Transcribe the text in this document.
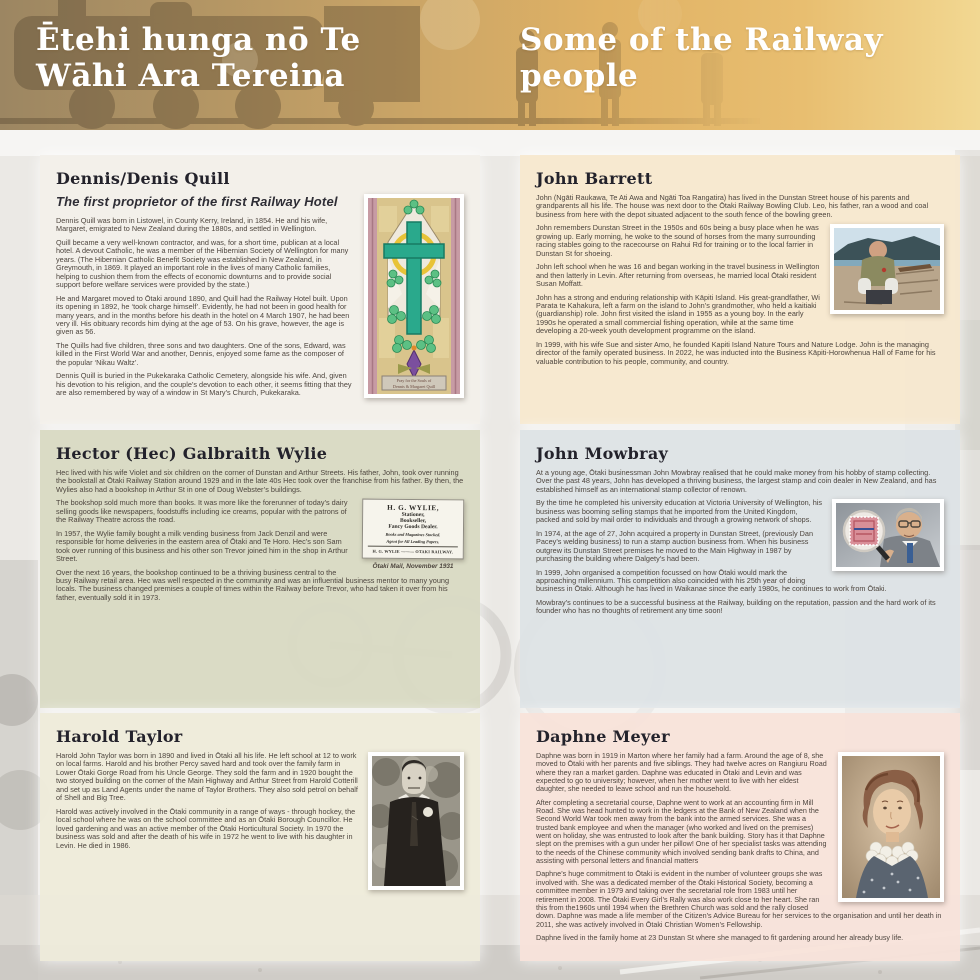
Ētehi hunga nō Te Wāhi Ara Tereina
Some of the Railway people
Dennis/Denis Quill
Pray for the Souls of
Dennis & Margaret Quill
The first proprietor of the first Railway Hotel

Dennis Quill was born in Listowel, in County Kerry, Ireland, in 1854. He and his wife, Margaret, emigrated to New Zealand during the 1880s, and settled in Wellington.

Quill became a very well-known contractor, and was, for a short time, publican at a local hotel. A devout Catholic, he was a member of the Hibernian Society of Wellington for many years. (The Hibernian Catholic Benefit Society was established in New Zealand, in Greymouth, in 1869. It played an important role in the lives of many Catholic families, helping to cushion them from the effects of economic downturns and to provide social support before welfare services were provided by the state.)

He and Margaret moved to Ōtaki around 1890, and Quill had the Railway Hotel built. Upon its opening in 1892, he ‘took charge himself’. Evidently, he had not been in good health for many years, and in the months before his death in the hotel on 4 March 1907, he had been very ill. His obituary records him dying at the age of 53. On his grave, however, the age is given as 56.

The Quills had five children, three sons and two daughters. One of the sons, Edward, was killed in the First World War and another, Dennis, enjoyed some fame as the composer of the popular ‘Nikau Waltz’.

Dennis Quill is buried in the Pukekaraka Catholic Cemetery, alongside his wife. And, given his devotion to his religion, and the couple’s devotion to each other, it seems fitting that they are also remembered by way of a window in St Mary’s Church, Pukekaraka.

John Barrett

John (Ngāti Raukawa, Te Ati Awa and Ngāti Toa Rangatira) has lived in the Dunstan Street house of his parents and grandparents all his life. The house was next door to the Ōtaki Railway Bowling Club. Leo, his father, ran a wood and coal business from here with the depot situated adjacent to the south fence of the bowling green.

John remembers Dunstan Street in the 1950s and 60s being a busy place when he was growing up. Early morning, he woke to the sound of horses from the many surrounding racing stables going to the racecourse on Rahui Rd for training or to the local farrier in Dunstan St for shoeing.

John left school when he was 16 and began working in the travel business in Wellington and then latterly in Levin. After returning from overseas, he married local Ōtaki resident Susan Moffatt.

John has a strong and enduring relationship with Kāpiti Island. His great-grandfather, Wi Parata te Kahakura, left a farm on the island to John’s grandmother, who held a kaitiaki (guardianship) role. John first visited the island in 1955 as a young boy. In the early 1990s he operated a small commercial fishing operation, while at the same time developing a 20-week youth development programme on the island.

In 1999, with his wife Sue and sister Amo, he founded Kapiti Island Nature Tours and Nature Lodge. John is the managing director of the family operated business. In 2022, he was inducted into the Business Kāpiti-Horowhenua Hall of Fame for his valuable contribution to his people, community, and country.

Hector (Hec) Galbraith Wylie

Hec lived with his wife Violet and six children on the corner of Dunstan and Arthur Streets. His father, John, took over running the bookstall at Ōtaki Railway Station around 1929 and in the late 40s Hec took over the franchise from his father. By then, the Wylies also had a bookshop in Arthur St in one of Doug Webster’s buildings.

H. G. WYLIE,
Stationer,
Bookseller,
Fancy Goods Dealer.
Books and Magazines Stocked.
Agent for All Leading Papers.
H. G. WYLIE ——— OTAKI RAILWAY.
Ōtaki Mail, November 1931

The bookshop sold much more than books. It was more like the forerunner of today’s dairy selling goods like newspapers, foodstuffs including ice creams, popular with the patrons of the Railway Theatre across the road.

In 1957, the Wylie family bought a milk vending business from Jack Denzil and were responsible for home deliveries in the eastern area of Ōtaki and Te Horo. Hec’s son Sam took over running of this business and his other son Trevor joined him in the shop in Arthur Street.

Over the next 16 years, the bookshop continued to be a thriving business central to the busy Railway retail area. Hec was well respected in the community and was an influential business mentor to many young locals. The business changed premises a couple of times within the Railway before Trevor, who had taken it over from his father, eventually sold it in 1973.

John Mowbray

At a young age, Ōtaki businessman John Mowbray realised that he could make money from his hobby of stamp collecting. Over the past 48 years, John has developed a thriving business, the largest stamp and coin dealer in New Zealand, and has established himself as an international stamp collector of renown.

By the time he completed his university education at Victoria University of Wellington, his business was booming selling stamps that he imported from the United Kingdom, packed and sold by mail order to individuals and through a growing network of shops.

In 1974, at the age of 27, John acquired a property in Dunstan Street, (previously Dan Pacey’s welding business) to run a stamp auction business from. When his business outgrew its Dunstan Street premises he moved to the Main Highway in 1987 by purchasing the building where Dalgety’s had been.

In 1999, John organised a competition focussed on how Ōtaki would mark the approaching millennium. This competition also coincided with his 25th year of doing business in Ōtaki. Although he has lived in Waikanae since the early 1980s, he continues to work from Ōtaki.

Mowbray’s continues to be a successful business at the Railway, building on the reputation, passion and the hard work of its founder who has no thoughts of retirement any time soon!

Harold Taylor

Harold John Taylor was born in 1890 and lived in Ōtaki all his life. He left school at 12 to work on local farms. Harold and his brother Percy saved hard and took over the family farm in Lower Ōtaki Gorge Road from his Uncle George. They sold the farm and in 1920 bought the two storyed building on the corner of the Main Highway and Arthur Street from Harold Cotterill and set up as Land Agents under the name of Taylor Brothers. They also sold petrol on behalf of Shell and Big Tree.

Harold was actively involved in the Ōtaki community in a range of ways - through hockey, the local school where he was on the school committee and as an Ōtaki Borough Councillor. He loved gardening and was an active member of the Ōtaki Horticultural Society. In 1970 the business was sold and after the death of his wife in 1972 he went to live with his daughter in Levin. He died in 1986.

Daphne Meyer

Daphne was born in 1919 in Marton where her family had a farm. Around the age of 8, she moved to Ōtaki with her parents and five siblings. They had twelve acres on Rangiuru Road where they ran a market garden. Daphne was educated in Ōtaki and Levin and was expected to go to university; however, when her mother went to live with her eldest daughter, she needed to leave school and run the household.

After completing a secretarial course, Daphne went to work at an accounting firm in Mill Road. She was head hunted to work in the ledgers at the Bank of New Zealand when the Second World War took men away from the bank into the armed services. She was a trusted bank employee and when the manager (who worked and lived on the premises) went on holiday, she was entrusted to look after the bank building. Story has it that Daphne slept on the premises with a gun under her pillow! One of her specialist tasks was attending to the needs of the Chinese community which involved sending bank drafts to China, and assisting with personal letters and financial matters

Daphne’s huge commitment to Ōtaki is evident in the number of volunteer groups she was involved with. She was a dedicated member of the Ōtaki Historical Society, becoming a committee member in 1979 and taking over the secretarial role from 1983 until her retirement in 2008. The Ōtaki Every Girl’s Rally was also work close to her heart. She ran this from the1960s until 1994 when the Brethren Church was sold and the rally closed down. Daphne was made a life member of the Citizen’s Advice Bureau for her services to the organisation and until her death in 2011, she was actively involved in Ōtaki Christian Women’s Fellowship.

Daphne lived in the family home at 23 Dunstan St where she managed to fit gardening around her already busy life.
